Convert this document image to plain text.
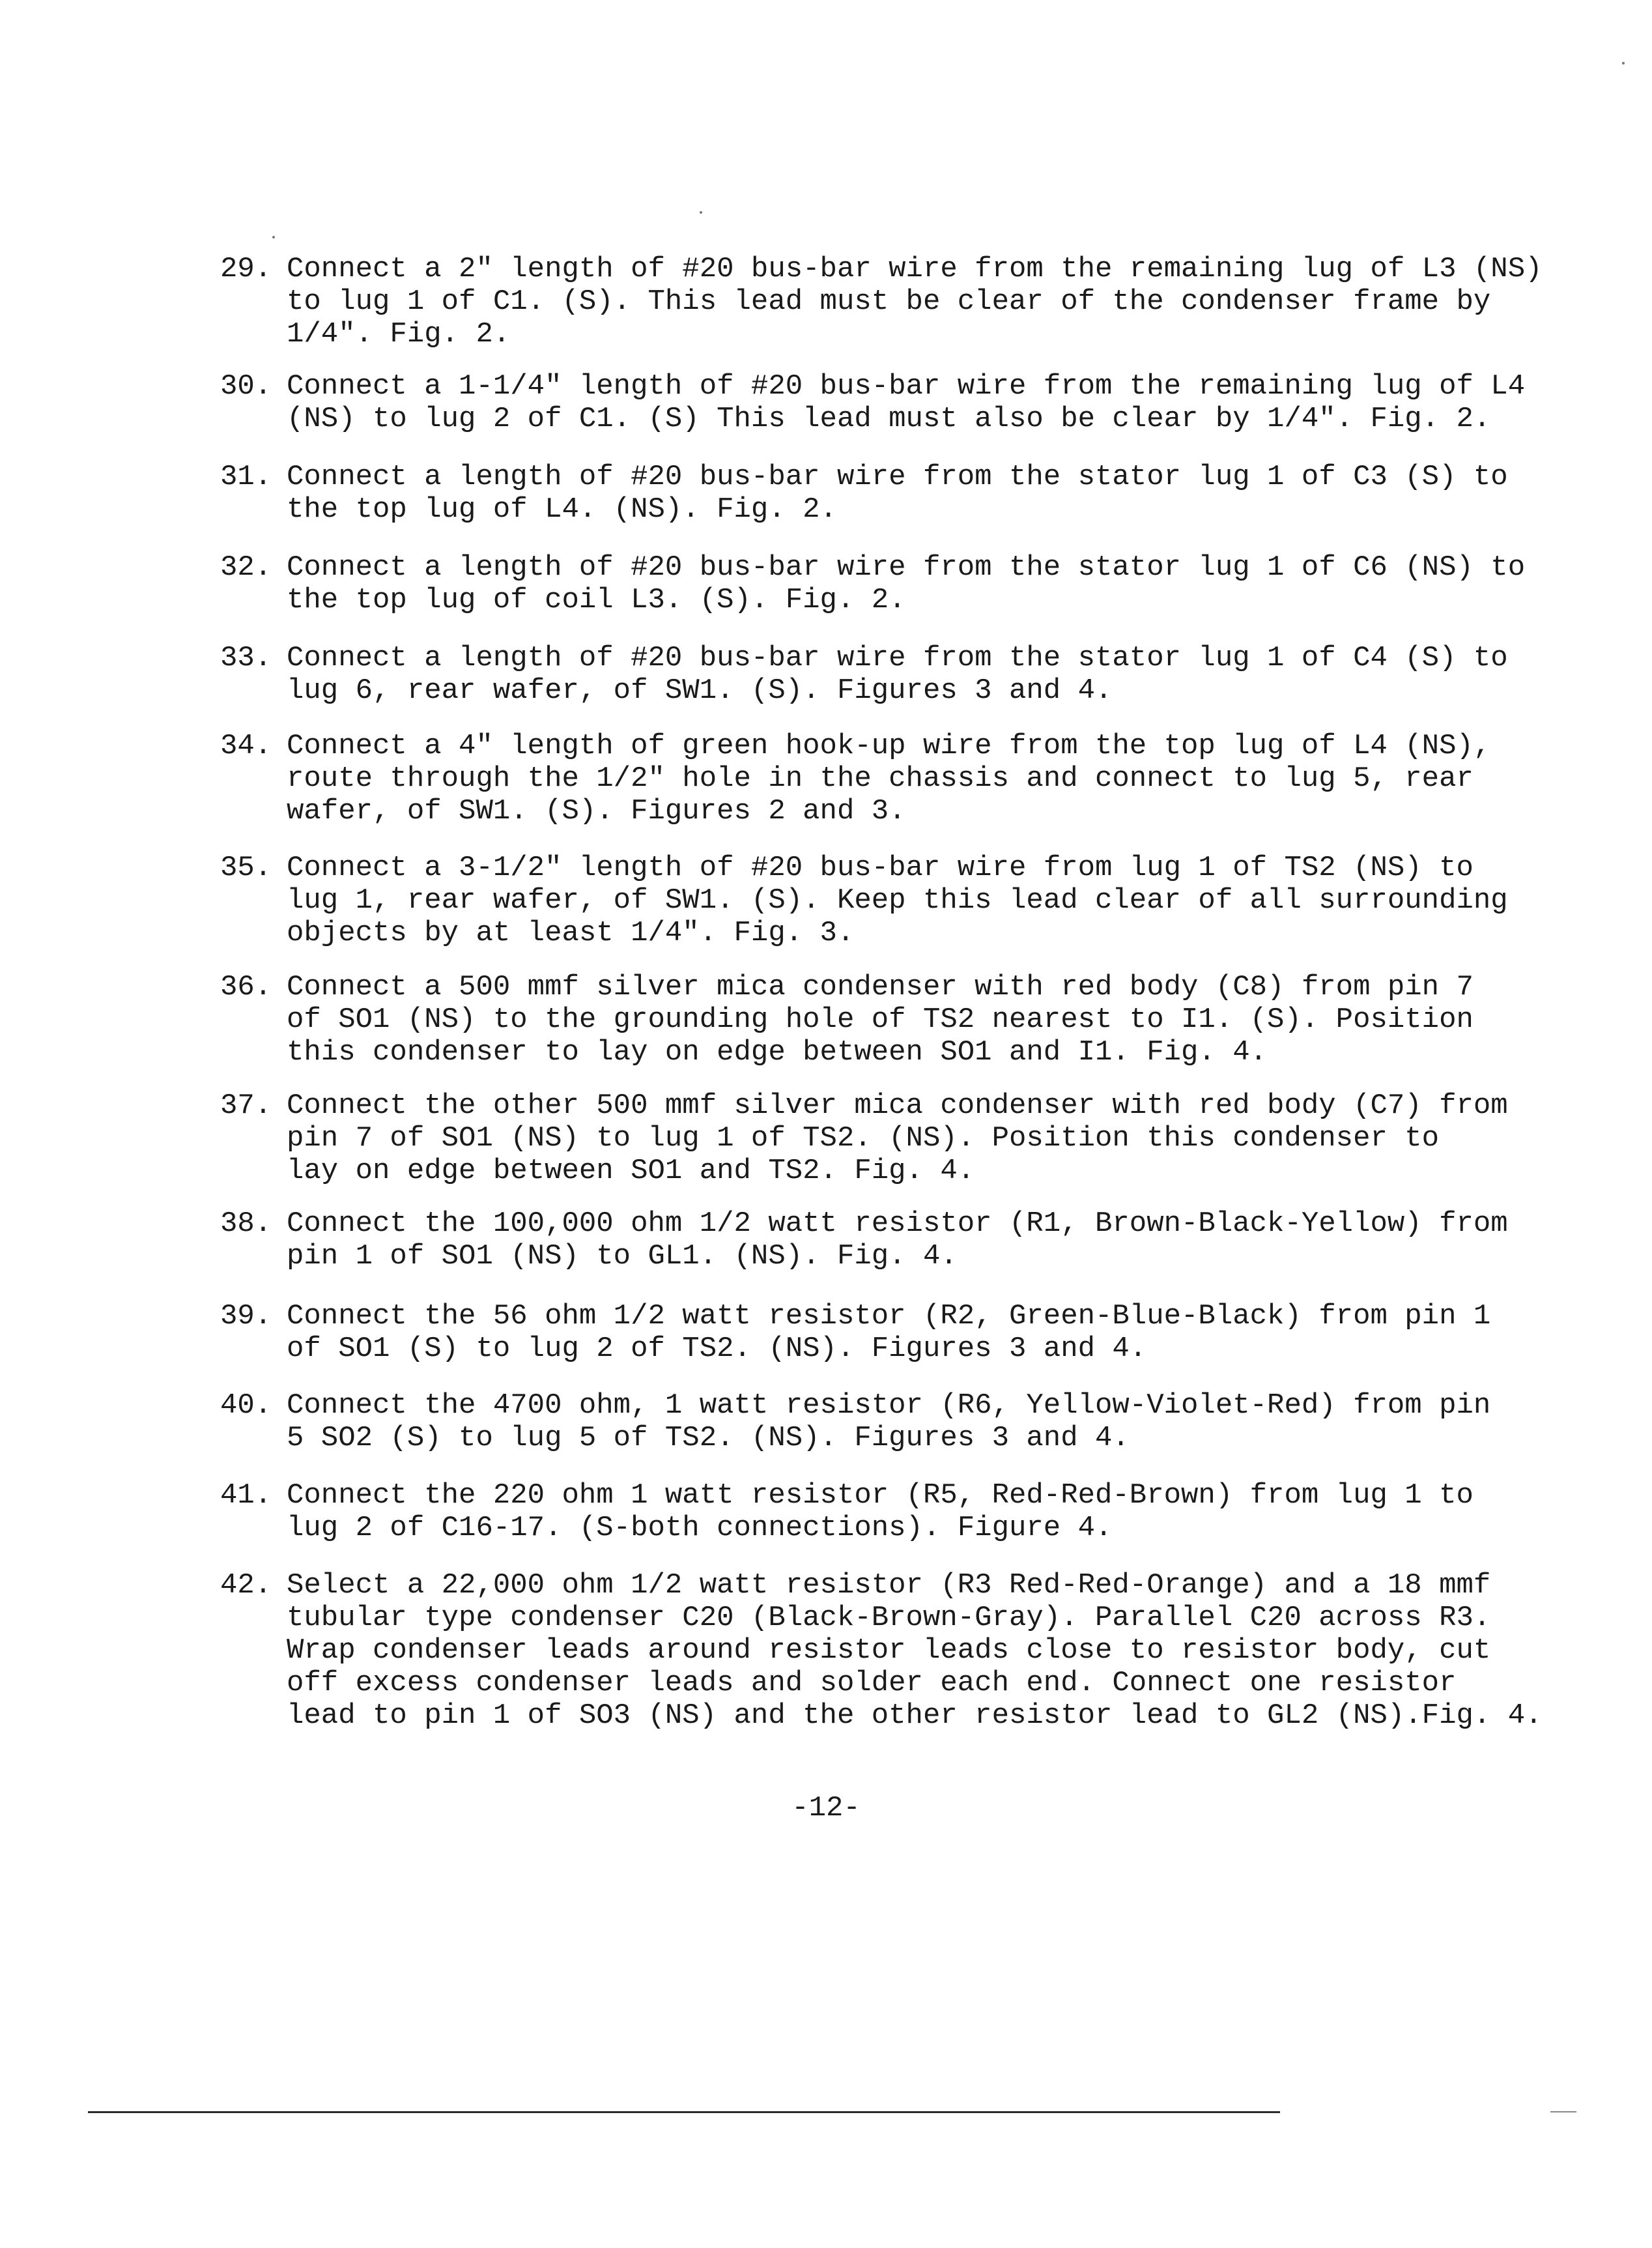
29. Connect a 2" length of #20 bus-bar wire from the remaining lug of L3 (NS)
to lug 1 of C1. (S). This lead must be clear of the condenser frame by
1/4". Fig. 2.
30. Connect a 1-1/4" length of #20 bus-bar wire from the remaining lug of L4
(NS) to lug 2 of C1. (S) This lead must also be clear by 1/4". Fig. 2.
31. Connect a length of #20 bus-bar wire from the stator lug 1 of C3 (S) to
the top lug of L4. (NS). Fig. 2.
32. Connect a length of #20 bus-bar wire from the stator lug 1 of C6 (NS) to
the top lug of coil L3. (S). Fig. 2.
33. Connect a length of #20 bus-bar wire from the stator lug 1 of C4 (S) to
lug 6, rear wafer, of SW1. (S). Figures 3 and 4.
34. Connect a 4" length of green hook-up wire from the top lug of L4 (NS),
route through the 1/2" hole in the chassis and connect to lug 5, rear
wafer, of SW1. (S). Figures 2 and 3.
35. Connect a 3-1/2" length of #20 bus-bar wire from lug 1 of TS2 (NS) to
lug 1, rear wafer, of SW1. (S). Keep this lead clear of all surrounding
objects by at least 1/4". Fig. 3.
36. Connect a 500 mmf silver mica condenser with red body (C8) from pin 7
of SO1 (NS) to the grounding hole of TS2 nearest to I1. (S). Position
this condenser to lay on edge between SO1 and I1. Fig. 4.
37. Connect the other 500 mmf silver mica condenser with red body (C7) from
pin 7 of SO1 (NS) to lug 1 of TS2. (NS). Position this condenser to
lay on edge between SO1 and TS2. Fig. 4.
38. Connect the 100,000 ohm 1/2 watt resistor (R1, Brown-Black-Yellow) from
pin 1 of SO1 (NS) to GL1. (NS). Fig. 4.
39. Connect the 56 ohm 1/2 watt resistor (R2, Green-Blue-Black) from pin 1
of SO1 (S) to lug 2 of TS2. (NS). Figures 3 and 4.
40. Connect the 4700 ohm, 1 watt resistor (R6, Yellow-Violet-Red) from pin
5 SO2 (S) to lug 5 of TS2. (NS). Figures 3 and 4.
41. Connect the 220 ohm 1 watt resistor (R5, Red-Red-Brown) from lug 1 to
lug 2 of C16-17. (S-both connections). Figure 4.
42. Select a 22,000 ohm 1/2 watt resistor (R3 Red-Red-Orange) and a 18 mmf
tubular type condenser C20 (Black-Brown-Gray). Parallel C20 across R3.
Wrap condenser leads around resistor leads close to resistor body, cut
off excess condenser leads and solder each end. Connect one resistor
lead to pin 1 of SO3 (NS) and the other resistor lead to GL2 (NS).Fig. 4.
-12-
